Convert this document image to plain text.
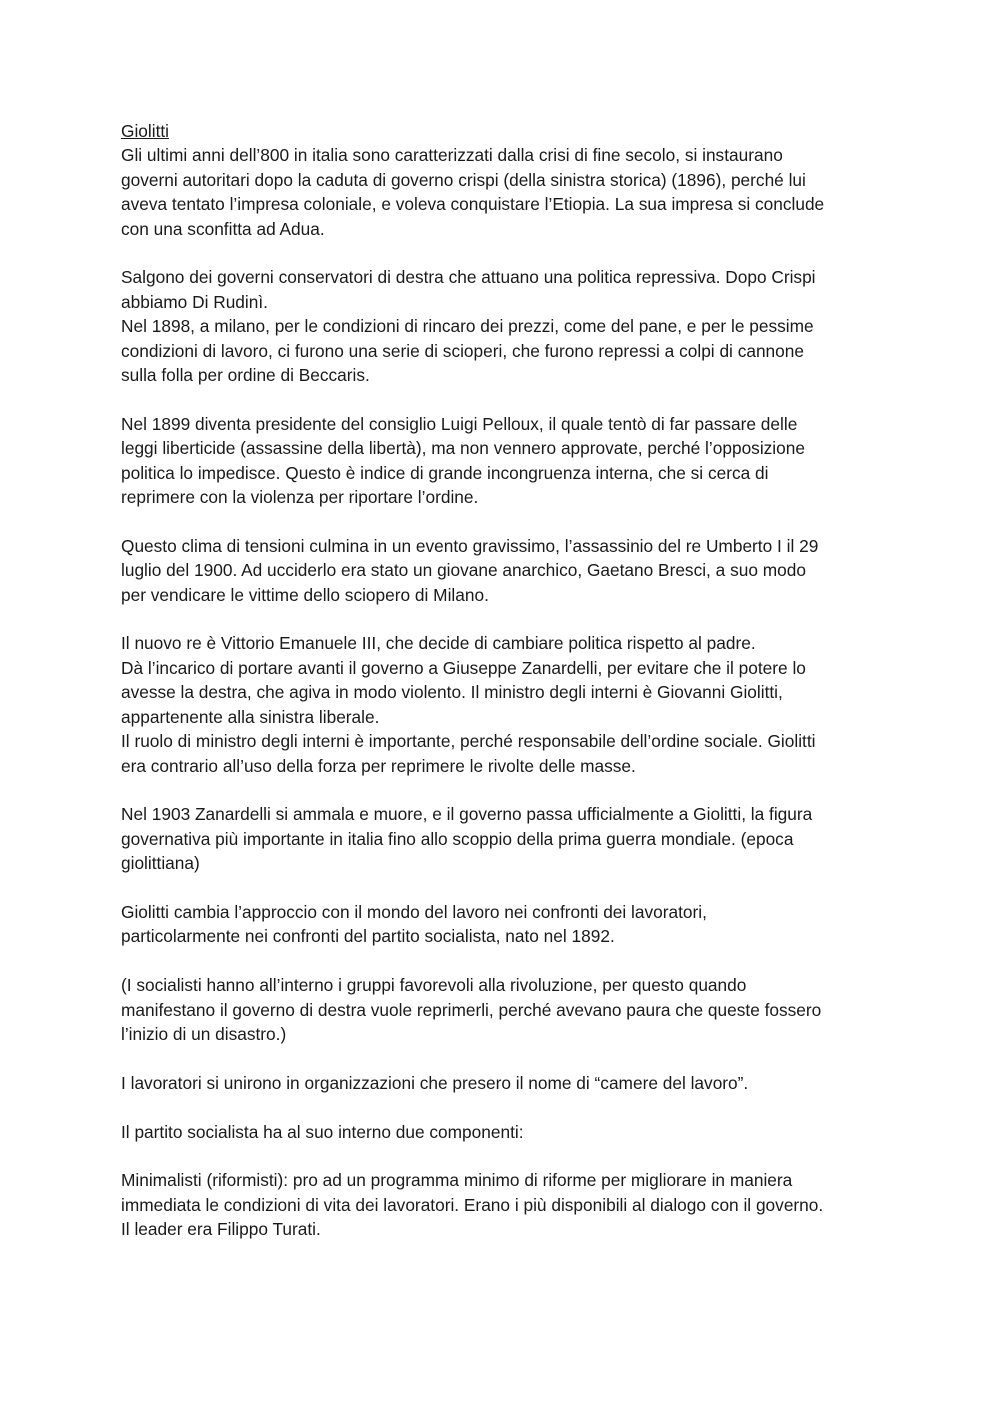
Giolitti

Gli ultimi anni dell’800 in italia sono caratterizzati dalla crisi di fine secolo, si instaurano
governi autoritari dopo la caduta di governo crispi (della sinistra storica) (1896), perché lui
aveva tentato l’impresa coloniale, e voleva conquistare l’Etiopia. La sua impresa si conclude
con una sconfitta ad Adua.

Salgono dei governi conservatori di destra che attuano una politica repressiva. Dopo Crispi
abbiamo Di Rudinì.
Nel 1898, a milano, per le condizioni di rincaro dei prezzi, come del pane, e per le pessime
condizioni di lavoro, ci furono una serie di scioperi, che furono repressi a colpi di cannone
sulla folla per ordine di Beccaris.

Nel 1899 diventa presidente del consiglio Luigi Pelloux, il quale tentò di far passare delle
leggi liberticide (assassine della libertà), ma non vennero approvate, perché l’opposizione
politica lo impedisce. Questo è indice di grande incongruenza interna, che si cerca di
reprimere con la violenza per riportare l’ordine.

Questo clima di tensioni culmina in un evento gravissimo, l’assassinio del re Umberto I il 29
luglio del 1900. Ad ucciderlo era stato un giovane anarchico, Gaetano Bresci, a suo modo
per vendicare le vittime dello sciopero di Milano.

Il nuovo re è Vittorio Emanuele III, che decide di cambiare politica rispetto al padre.
Dà l’incarico di portare avanti il governo a Giuseppe Zanardelli, per evitare che il potere lo
avesse la destra, che agiva in modo violento. Il ministro degli interni è Giovanni Giolitti,
appartenente alla sinistra liberale.
Il ruolo di ministro degli interni è importante, perché responsabile dell’ordine sociale. Giolitti
era contrario all’uso della forza per reprimere le rivolte delle masse.

Nel 1903 Zanardelli si ammala e muore, e il governo passa ufficialmente a Giolitti, la figura
governativa più importante in italia fino allo scoppio della prima guerra mondiale. (epoca
giolittiana)

Giolitti cambia l’approccio con il mondo del lavoro nei confronti dei lavoratori,
particolarmente nei confronti del partito socialista, nato nel 1892.

(I socialisti hanno all’interno i gruppi favorevoli alla rivoluzione, per questo quando
manifestano il governo di destra vuole reprimerli, perché avevano paura che queste fossero
l’inizio di un disastro.)

I lavoratori si unirono in organizzazioni che presero il nome di “camere del lavoro”.

Il partito socialista ha al suo interno due componenti:

Minimalisti (riformisti): pro ad un programma minimo di riforme per migliorare in maniera
immediata le condizioni di vita dei lavoratori. Erano i più disponibili al dialogo con il governo.
Il leader era Filippo Turati.
